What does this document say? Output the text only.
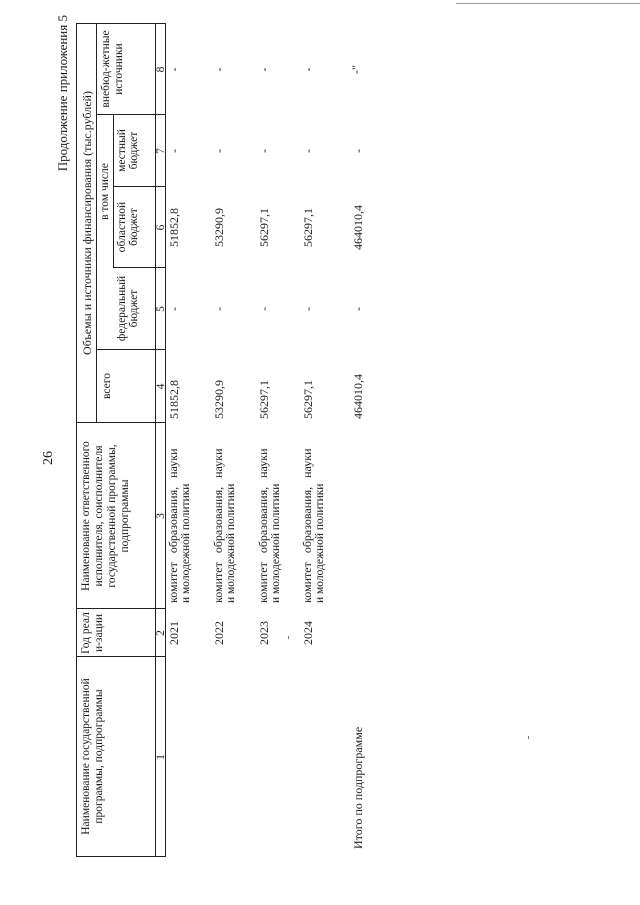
26
Продолжение приложения 5
Наименование государственной программы, подпрограммы
Год реали-зации
Наименование ответственного исполнителя, соисполнителя государственной программы, подпрограммы
Объемы и источники финансирования (тыс.рублей)
всего
в том числе
федеральный бюджет
областной бюджет
местный бюджет
внебюд-жетные источники
1
2
3
4
5
6
7
8
2021
комитет образования, науки и молодежной политики
51852,8
-
51852,8
-
-
2022
комитет образования, науки и молодежной политики
53290,9
-
53290,9
-
-
2023
комитет образования, науки и молодежной политики
56297,1
-
56297,1
-
-
2024
комитет образования, науки и молодежной политики
56297,1
-
56297,1
-
-
Итого по подпрограмме
464010,4
-
464010,4
-
-"
